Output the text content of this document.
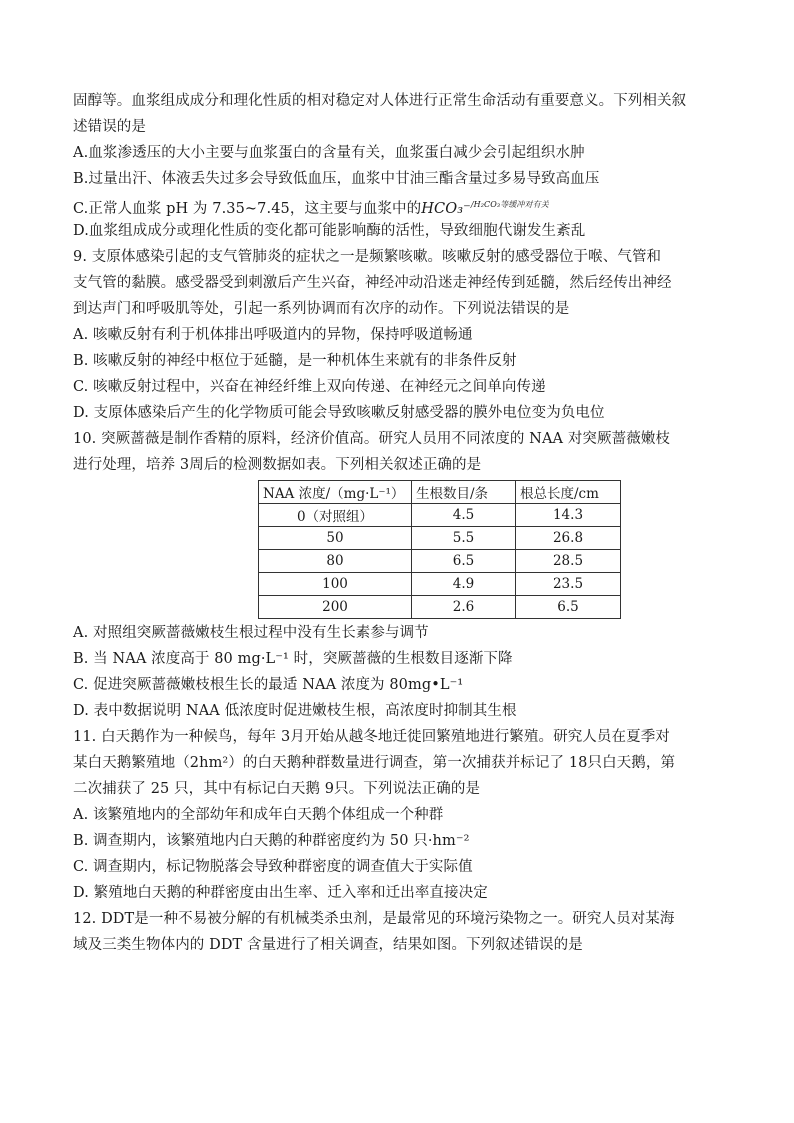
固醇等。血浆组成成分和理化性质的相对稳定对人体进行正常生命活动有重要意义。下列相关叙
述错误的是
A.血浆渗透压的大小主要与血浆蛋白的含量有关，血浆蛋白减少会引起组织水肿
B.过量出汗、体液丢失过多会导致低血压，血浆中甘油三酯含量过多易导致高血压
C.正常人血浆 pH 为 7.35~7.45，这主要与血浆中的HCO₃⁻$^{/H_2CO_3等缓冲对有关}$
D.血浆组成成分或理化性质的变化都可能影响酶的活性，导致细胞代谢发生紊乱
9. 支原体感染引起的支气管肺炎的症状之一是频繁咳嗽。咳嗽反射的感受器位于喉、气管和
支气管的黏膜。感受器受到刺激后产生兴奋，神经冲动沿迷走神经传到延髓，然后经传出神经
到达声门和呼吸肌等处，引起一系列协调而有次序的动作。下列说法错误的是
A. 咳嗽反射有利于机体排出呼吸道内的异物，保持呼吸道畅通
B. 咳嗽反射的神经中枢位于延髓，是一种机体生来就有的非条件反射
C. 咳嗽反射过程中，兴奋在神经纤维上双向传递、在神经元之间单向传递
D. 支原体感染后产生的化学物质可能会导致咳嗽反射感受器的膜外电位变为负电位
10. 突厥蔷薇是制作香精的原料，经济价值高。研究人员用不同浓度的 NAA 对突厥蔷薇嫩枝
进行处理，培养 3周后的检测数据如表。下列相关叙述正确的是
NAA 浓度/（mg·L⁻¹）	生根数目/条	根总长度/cm
0（对照组）	4.5	14.3
50	5.5	26.8
80	6.5	28.5
100	4.9	23.5
200	2.6	6.5
A. 对照组突厥蔷薇嫩枝生根过程中没有生长素参与调节
B. 当 NAA 浓度高于 80 mg·L⁻¹ 时，突厥蔷薇的生根数目逐渐下降
C. 促进突厥蔷薇嫩枝根生长的最适 NAA 浓度为 80mg•L⁻¹
D. 表中数据说明 NAA 低浓度时促进嫩枝生根，高浓度时抑制其生根
11. 白天鹅作为一种候鸟，每年 3月开始从越冬地迁徙回繁殖地进行繁殖。研究人员在夏季对
某白天鹅繁殖地（2hm²）的白天鹅种群数量进行调查，第一次捕获并标记了 18只白天鹅，第
二次捕获了 25 只，其中有标记白天鹅 9只。下列说法正确的是
A. 该繁殖地内的全部幼年和成年白天鹅个体组成一个种群
B. 调查期内，该繁殖地内白天鹅的种群密度约为 50 只·hm⁻²
C. 调查期内，标记物脱落会导致种群密度的调查值大于实际值
D. 繁殖地白天鹅的种群密度由出生率、迁入率和迁出率直接决定
12. DDT是一种不易被分解的有机械类杀虫剂，是最常见的环境污染物之一。研究人员对某海
域及三类生物体内的 DDT 含量进行了相关调查，结果如图。下列叙述错误的是
